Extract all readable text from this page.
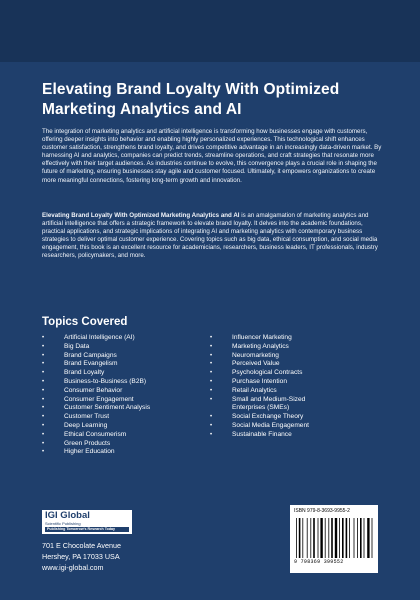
Elevating Brand Loyalty With Optimized Marketing Analytics and AI

The integration of marketing analytics and artificial intelligence is transforming how businesses engage with customers, offering deeper insights into behavior and enabling highly personalized experiences. This technological shift enhances customer satisfaction, strengthens brand loyalty, and drives competitive advantage in an increasingly data-driven market. By harnessing AI and analytics, companies can predict trends, streamline operations, and craft strategies that resonate more effectively with their target audiences. As industries continue to evolve, this convergence plays a crucial role in shaping the future of marketing, ensuring businesses stay agile and customer focused. Ultimately, it empowers organizations to create more meaningful connections, fostering long-term growth and innovation.

Elevating Brand Loyalty With Optimized Marketing Analytics and AI is an amalgamation of marketing analytics and artificial intelligence that offers a strategic framework to elevate brand loyalty. It delves into the academic foundations, practical applications, and strategic implications of integrating AI and marketing analytics with contemporary business strategies to deliver optimal customer experience. Covering topics such as big data, ethical consumption, and social media engagement, this book is an excellent resource for academicians, researchers, business leaders, IT professionals, industry researchers, policymakers, and more.

Topics Covered
•	Artificial Intelligence (AI)
•	Big Data
•	Brand Campaigns
•	Brand Evangelism
•	Brand Loyalty
•	Business-to-Business (B2B)
•	Consumer Behavior
•	Consumer Engagement
•	Customer Sentiment Analysis
•	Customer Trust
•	Deep Learning
•	Ethical Consumerism
•	Green Products
•	Higher Education
•	Influencer Marketing
•	Marketing Analytics
•	Neuromarketing
•	Perceived Value
•	Psychological Contracts
•	Purchase Intention
•	Retail Analytics
•	Small and Medium-Sized
Enterprises (SMEs)
•	Social Exchange Theory
•	Social Media Engagement
•	Sustainable Finance
IGI Global
Scientific Publishing
Publishing Tomorrow's Research Today
701 E Chocolate Avenue
Hershey, PA 17033 USA
www.igi-global.com

ISBN 979-8-3693-9955-2

9 798369 399552
